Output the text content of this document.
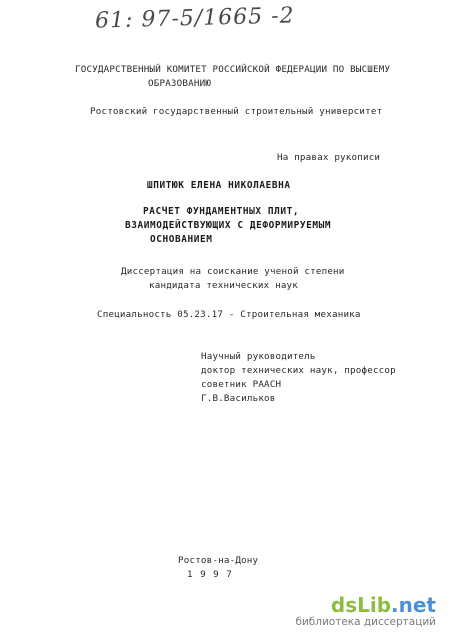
61: 97-5/1665 -2
ГОСУДАРСТВЕННЫЙ КОМИТЕТ РОССИЙСКОЙ ФЕДЕРАЦИИ ПО ВЫСШЕМУ
ОБРАЗОВАНИЮ
Ростовский государственный строительный университет
На правах рукописи
ШПИТЮК ЕЛЕНА НИКОЛАЕВНА
РАСЧЕТ ФУНДАМЕНТНЫХ ПЛИТ,
ВЗАИМОДЕЙСТВУЮЩИХ С ДЕФОРМИРУЕМЫМ
ОСНОВАНИЕМ
Диссертация на соискание ученой степени
кандидата технических наук
Специальность 05.23.17 - Строительная механика
Научный руководитель
доктор технических наук, профессор
советник РААСН
Г.В.Васильков
Ростов-на-Дону
1 9 9 7
dsLib.net
библиотека диссертаций
